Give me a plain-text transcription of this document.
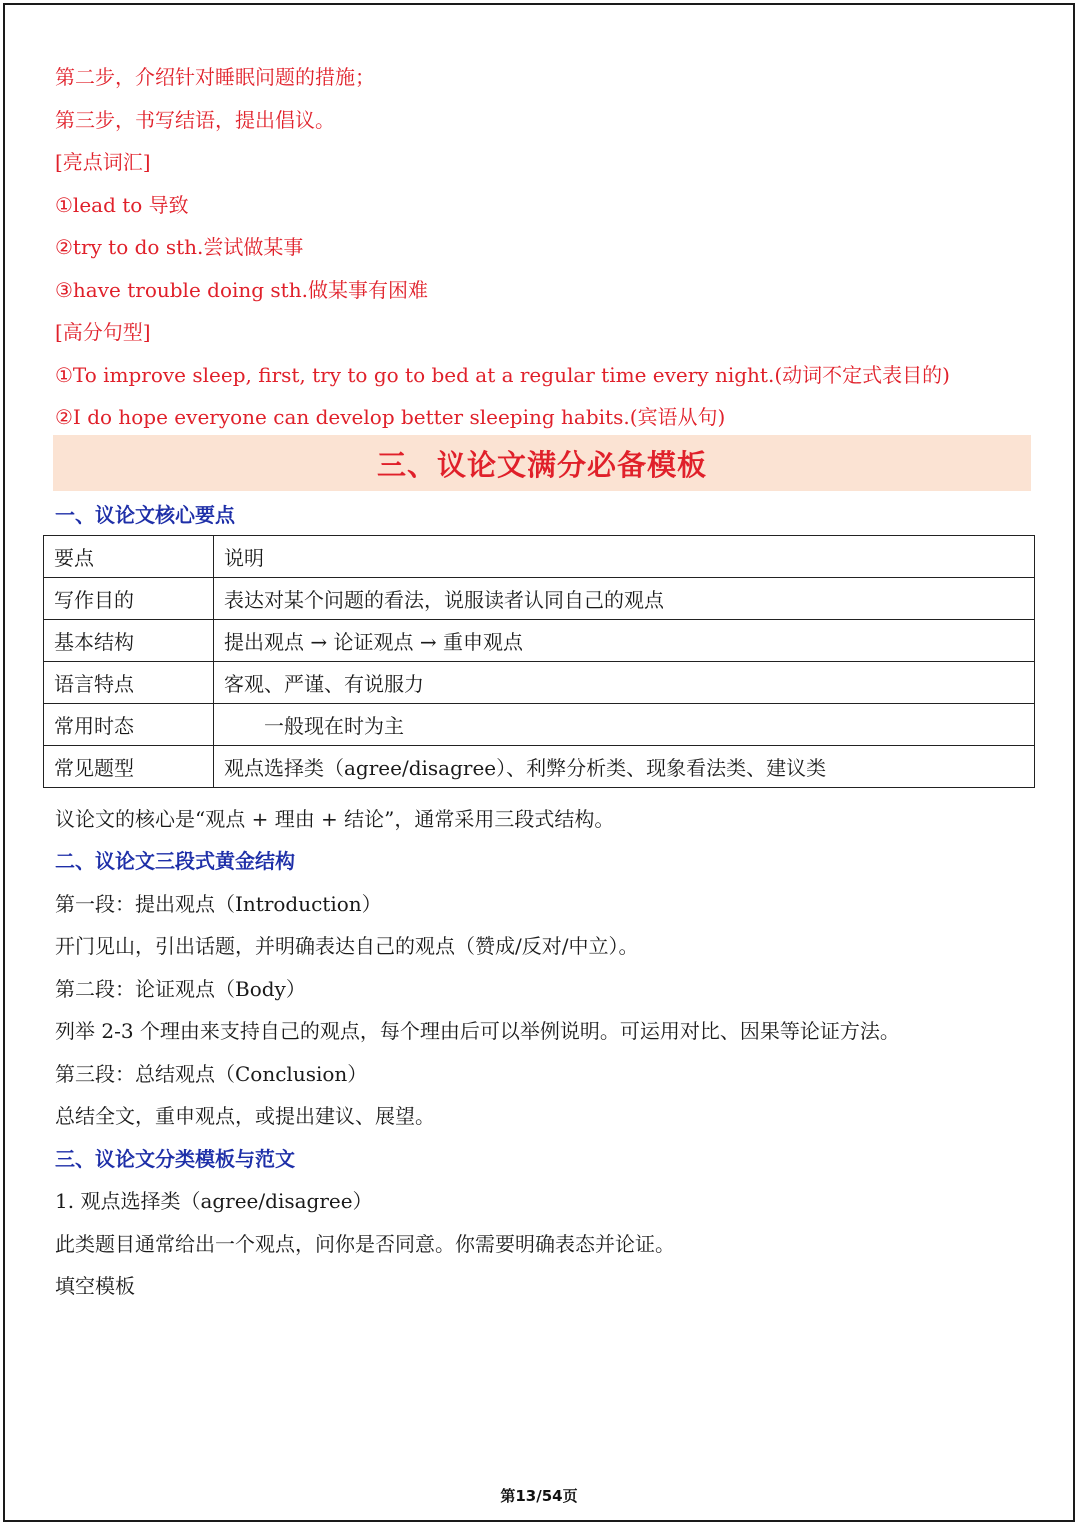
第二步，介绍针对睡眠问题的措施；
第三步，书写结语，提出倡议。
[亮点词汇]
①lead to 导致
②try to do sth.尝试做某事
③have trouble doing sth.做某事有困难
[高分句型]
①To improve sleep, first, try to go to bed at a regular time every night.(动词不定式表目的)
②I do hope everyone can develop better sleeping habits.(宾语从句)
三、议论文满分必备模板
一、议论文核心要点
要点	说明
写作目的	表达对某个问题的看法，说服读者认同自己的观点
基本结构	提出观点 → 论证观点 → 重申观点
语言特点	客观、严谨、有说服力
常用时态	一般现在时为主
常见题型	观点选择类（agree/disagree）、利弊分析类、现象看法类、建议类
议论文的核心是“观点 + 理由 + 结论”，通常采用三段式结构。
二、议论文三段式黄金结构
第一段：提出观点（Introduction）
开门见山，引出话题，并明确表达自己的观点（赞成/反对/中立）。
第二段：论证观点（Body）
列举 2-3 个理由来支持自己的观点，每个理由后可以举例说明。可运用对比、因果等论证方法。
第三段：总结观点（Conclusion）
总结全文，重申观点，或提出建议、展望。
三、议论文分类模板与范文
1. 观点选择类（agree/disagree）
此类题目通常给出一个观点，问你是否同意。你需要明确表态并论证。
填空模板
第13/54页
